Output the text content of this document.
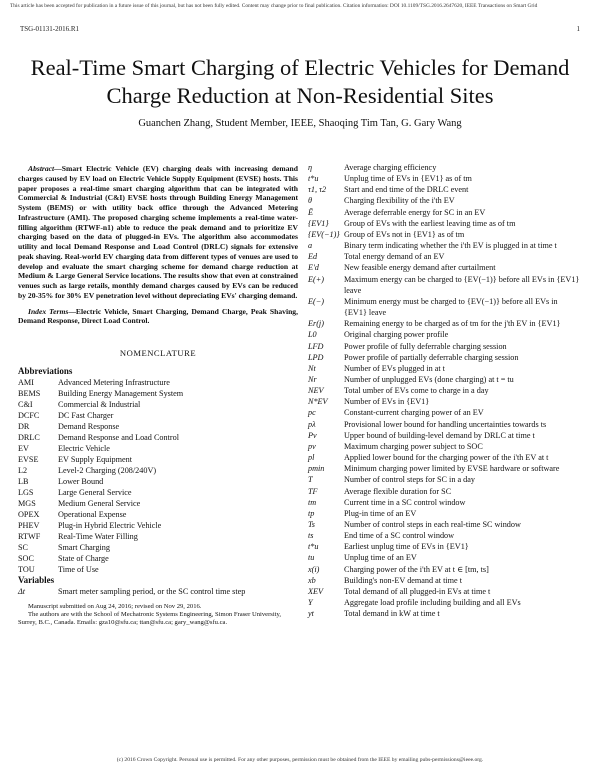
This article has been accepted for publication in a future issue of this journal, but has not been fully edited. Content may change prior to final publication. Citation information: DOI 10.1109/TSG.2016.2647620, IEEE Transactions on Smart Grid
TSG-01131-2016.R1	1
Real-Time Smart Charging of Electric Vehicles for Demand Charge Reduction at Non-Residential Sites
Guanchen Zhang, Student Member, IEEE, Shaoqing Tim Tan, G. Gary Wang

Abstract—Smart Electric Vehicle (EV) charging deals with increasing demand charges caused by EV load on Electric Vehicle Supply Equipment (EVSE) hosts. This paper proposes a real-time smart charging algorithm that can be integrated with Commercial & Industrial (C&I) EVSE hosts through Building Energy Management System (BEMS) or with utility back office through the Advanced Metering Infrastructure (AMI). The proposed charging scheme implements a real-time water-filling algorithm (RTWF-n1) able to reduce the peak demand and to prioritize EV charging based on the data of plugged-in EVs. The algorithm also accommodates utility and local Demand Response and Load Control (DRLC) signals for extensive peak shaving. Real-world EV charging data from different types of venues are used to develop and evaluate the smart charging scheme for demand charge reduction at Medium & Large General Service locations. The results show that even at constrained venues such as large retails, monthly demand charges caused by EVs can be reduced by 20-35% for 30% EV penetration level without depreciating EVs' charging demand.

Index Terms—Electric Vehicle, Smart Charging, Demand Charge, Peak Shaving, Demand Response, Direct Load Control.

NOMENCLATURE
Abbreviations
AMI	Advanced Metering Infrastructure
BEMS	Building Energy Management System
C&I	Commercial & Industrial
DCFC	DC Fast Charger
DR	Demand Response
DRLC	Demand Response and Load Control
EV	Electric Vehicle
EVSE	EV Supply Equipment
L2	Level-2 Charging (208/240V)
LB	Lower Bound
LGS	Large General Service
MGS	Medium General Service
OPEX	Operational Expense
PHEV	Plug-in Hybrid Electric Vehicle
RTWF	Real-Time Water Filling
SC	Smart Charging
SOC	State of Charge
TOU	Time of Use
Variables
Δt	Smart meter sampling period, or the SC control time step
Manuscript submitted on Aug 24, 2016; revised on Nov 29, 2016.
The authors are with the School of Mechatronic Systems Engineering, Simon Fraser University, Surrey, B.C., Canada. Emails: gza10@sfu.ca; ttan@sfu.ca; gary_wang@sfu.ca.
η	Average charging efficiency
t*u	Unplug time of EVs in {EV1} as of tm
τ1, τ2	Start and end time of the DRLC event
θ	Charging flexibility of the i'th EV
Ē	Average deferrable energy for SC in an EV
{EV1}	Group of EVs with the earliest leaving time as of tm
{EV(−1)} Group of EVs not in {EV1} as of tm
a	Binary term indicating whether the i'th EV is plugged in at time t
Ed	Total energy demand of an EV
E'd	New feasible energy demand after curtailment
E(+)	Maximum energy can be charged to {EV(−1)} before all EVs in {EV1} leave
E(−)	Minimum energy must be charged to {EV(−1)} before all EVs in {EV1} leave
Er(j)	Remaining energy to be charged as of tm for the j'th EV in {EV1}
L0	Original charging power profile
LFD	Power profile of fully deferrable charging session
LPD	Power profile of partially deferrable charging session
Nt	Number of EVs plugged in at t
Nr	Number of unplugged EVs (done charging) at t = tu
NEV	Total umber of EVs come to charge in a day
N*EV	Number of EVs in {EV1}
pc	Constant-current charging power of an EV
pλ	Provisional lower bound for handling uncertainties towards ts
Pv	Upper bound of building-level demand by DRLC at time t
pv	Maximum charging power subject to SOC
pl	Applied lower bound for the charging power of the i'th EV at t
pmin	Minimum charging power limited by EVSE hardware or software
T	Number of control steps for SC in a day
TF	Average flexible duration for SC
tm	Current time in a SC control window
tp	Plug-in time of an EV
Ts	Number of control steps in each real-time SC window
ts	End time of a SC control window
t*u	Earliest unplug time of EVs in {EV1}
tu	Unplug time of an EV
x(i)	Charging power of the i'th EV at t ∈ [tm, ts]
xb	Building's non-EV demand at time t
XEV	Total demand of all plugged-in EVs at time t
Y	Aggregate load profile including building and all EVs
yt	Total demand in kW at time t
(c) 2016 Crown Copyright. Personal use is permitted. For any other purposes, permission must be obtained from the IEEE by emailing pubs-permissions@ieee.org.
